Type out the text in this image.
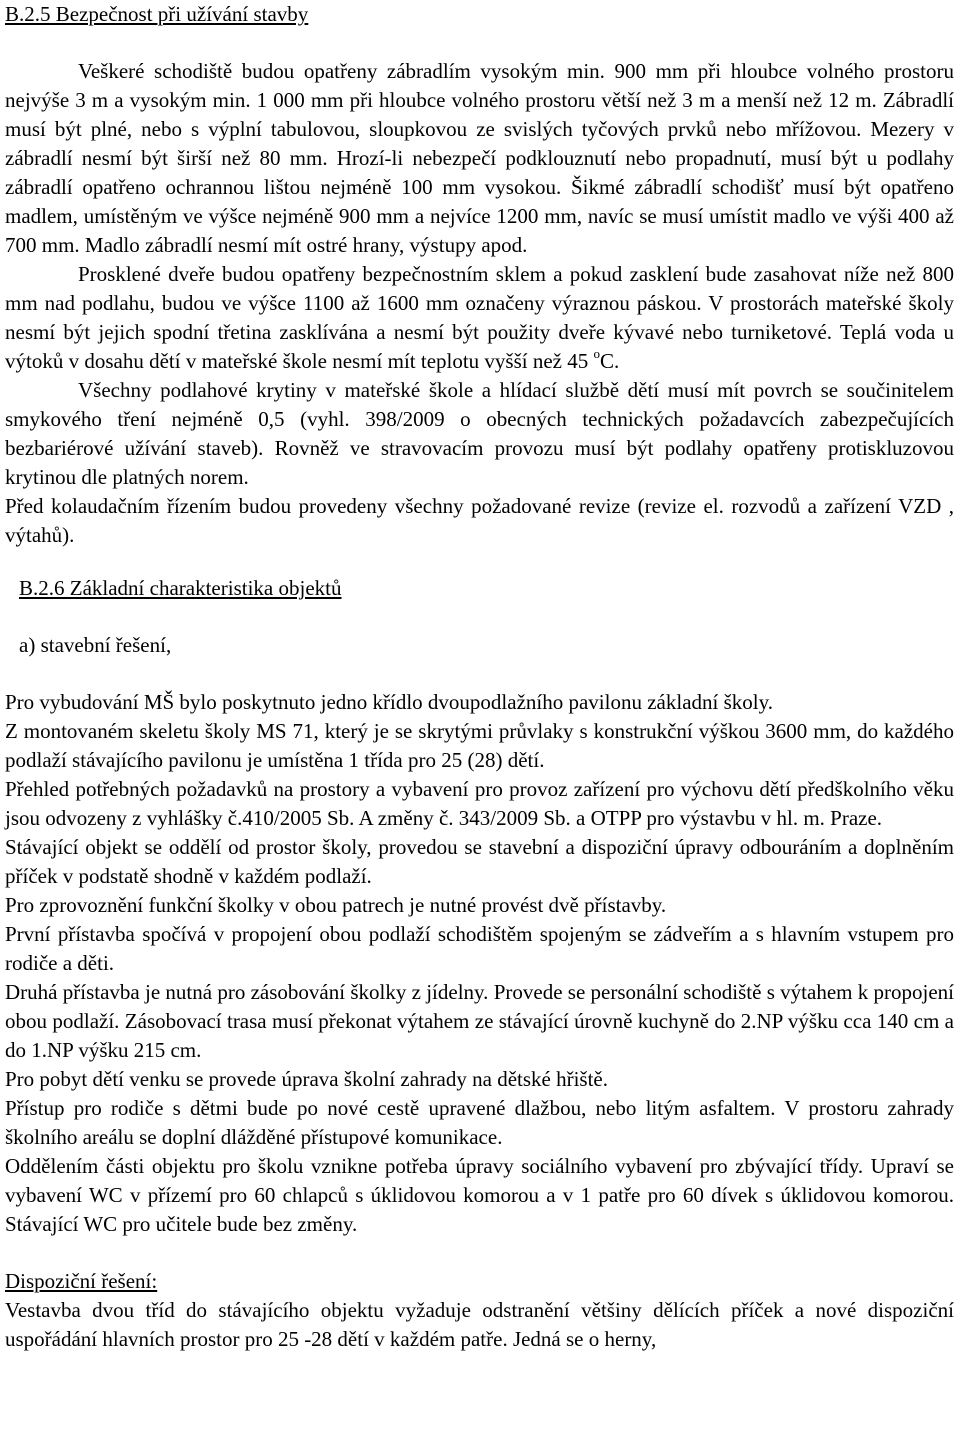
B.2.5 Bezpečnost při užívání stavby

Veškeré schodiště budou opatřeny zábradlím vysokým min. 900 mm při hloubce volného prostoru nejvýše 3 m a vysokým min. 1 000 mm při hloubce volného prostoru větší než 3 m a menší než 12 m. Zábradlí musí být plné, nebo s výplní tabulovou, sloupkovou ze svislých tyčových prvků nebo mřížovou. Mezery v zábradlí nesmí být širší než 80 mm. Hrozí-li nebezpečí podklouznutí nebo propadnutí, musí být u podlahy zábradlí opatřeno ochrannou lištou nejméně 100 mm vysokou. Šikmé zábradlí schodišť musí být opatřeno madlem, umístěným ve výšce nejméně 900 mm a nejvíce 1200 mm, navíc se musí umístit madlo ve výši 400 až 700 mm. Madlo zábradlí nesmí mít ostré hrany, výstupy apod.

Prosklené dveře budou opatřeny bezpečnostním sklem a pokud zasklení bude zasahovat níže než 800 mm nad podlahu, budou ve výšce 1100 až 1600 mm označeny výraznou páskou. V prostorách mateřské školy nesmí být jejich spodní třetina zasklívána a nesmí být použity dveře kývavé nebo turniketové. Teplá voda u výtoků v dosahu dětí v mateřské škole nesmí mít teplotu vyšší než 45 $^o$C.

Všechny podlahové krytiny v mateřské škole a hlídací službě dětí musí mít povrch se součinitelem smykového tření nejméně 0,5 (vyhl. 398/2009 o obecných technických požadavcích zabezpečujících bezbariérové užívání staveb). Rovněž ve stravovacím provozu musí být podlahy opatřeny protiskluzovou krytinou dle platných norem.

Před kolaudačním řízením budou provedeny všechny požadované revize (revize el. rozvodů a zařízení VZD , výtahů).

B.2.6 Základní charakteristika objektů

a) stavební řešení,

Pro vybudování MŠ bylo poskytnuto jedno křídlo dvoupodlažního pavilonu základní školy.

Z montovaném skeletu školy MS 71, který je se skrytými průvlaky s konstrukční výškou 3600 mm, do každého podlaží stávajícího pavilonu je umístěna 1 třída pro 25 (28) dětí.

Přehled potřebných požadavků na prostory a vybavení pro provoz zařízení pro výchovu dětí předškolního věku jsou odvozeny z vyhlášky č.410/2005 Sb. A změny č. 343/2009 Sb. a OTPP pro výstavbu v hl. m. Praze.

Stávající objekt se oddělí od prostor školy, provedou se stavební a dispoziční úpravy odbouráním a doplněním příček v podstatě shodně v každém podlaží.

Pro zprovoznění funkční školky v obou patrech je nutné provést dvě přístavby.

První přístavba spočívá v propojení obou podlaží schodištěm spojeným se zádveřím a s hlavním vstupem pro rodiče a děti.

Druhá přístavba je nutná pro zásobování školky z jídelny. Provede se personální schodiště s výtahem k propojení obou podlaží. Zásobovací trasa musí překonat výtahem ze stávající úrovně kuchyně do 2.NP výšku cca 140 cm a do 1.NP výšku 215 cm.

Pro pobyt dětí venku se provede úprava školní zahrady na dětské hřiště.

Přístup pro rodiče s dětmi bude po nové cestě upravené dlažbou, nebo litým asfaltem. V prostoru zahrady školního areálu se doplní dlážděné přístupové komunikace.

Oddělením části objektu pro školu vznikne potřeba úpravy sociálního vybavení pro zbývající třídy. Upraví se vybavení WC v přízemí pro 60 chlapců s úklidovou komorou a v 1 patře pro 60 dívek s úklidovou komorou. Stávající WC pro učitele bude bez změny.

Dispoziční řešení:

Vestavba dvou tříd do stávajícího objektu vyžaduje odstranění většiny dělících příček a nové dispoziční uspořádání hlavních prostor pro 25 -28 dětí v každém patře. Jedná se o herny,
